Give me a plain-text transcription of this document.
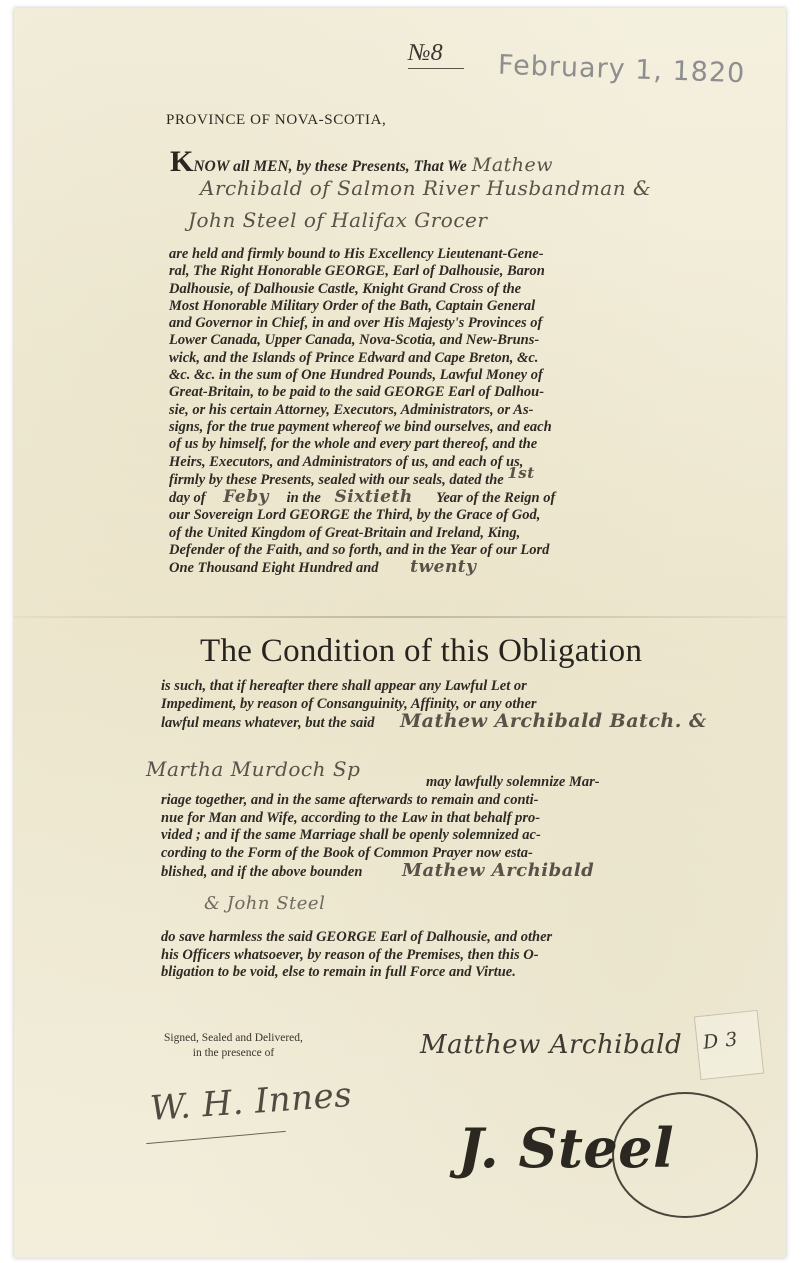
№8 February 1, 1820
PROVINCE OF NOVA-SCOTIA,
KNOW all MEN, by these Presents, That We Mathew
Archibald of Salmon River Husbandman &
John Steel of Halifax Grocer
are held and firmly bound to His Excellency Lieutenant-Gene-
ral, The Right Honorable GEORGE, Earl of Dalhousie, Baron
Dalhousie, of Dalhousie Castle, Knight Grand Cross of the
Most Honorable Military Order of the Bath, Captain General
and Governor in Chief, in and over His Majesty's Provinces of
Lower Canada, Upper Canada, Nova-Scotia, and New-Bruns-
wick, and the Islands of Prince Edward and Cape Breton, &c.
&c. &c. in the sum of One Hundred Pounds, Lawful Money of
Great-Britain, to be paid to the said GEORGE Earl of Dalhou-
sie, or his certain Attorney, Executors, Administrators, or As-
signs, for the true payment whereof we bind ourselves, and each
of us by himself, for the whole and every part thereof, and the
Heirs, Executors, and Administrators of us, and each of us,
firmly by these Presents, sealed with our seals, dated the 1st
day of Feby in the Sixtieth Year of the Reign of
our Sovereign Lord GEORGE the Third, by the Grace of God,
of the United Kingdom of Great-Britain and Ireland, King,
Defender of the Faith, and so forth, and in the Year of our Lord
One Thousand Eight Hundred and twenty
The Condition of this Obligation
is such, that if hereafter there shall appear any Lawful Let or
Impediment, by reason of Consanguinity, Affinity, or any other
lawful means whatever, but the said Mathew Archibald Batch. &
Martha Murdoch Sp
may lawfully solemnize Mar-
riage together, and in the same afterwards to remain and conti-
nue for Man and Wife, according to the Law in that behalf pro-
vided ; and if the same Marriage shall be openly solemnized ac-
cording to the Form of the Book of Common Prayer now esta-
blished, and if the above bounden Mathew Archibald
& John Steel
do save harmless the said GEORGE Earl of Dalhousie, and other
his Officers whatsoever, by reason of the Premises, then this O-
bligation to be void, else to remain in full Force and Virtue.
Signed, Sealed and Delivered,
in the presence of
W. H. Innes
Matthew Archibald D 3
J. Steel
